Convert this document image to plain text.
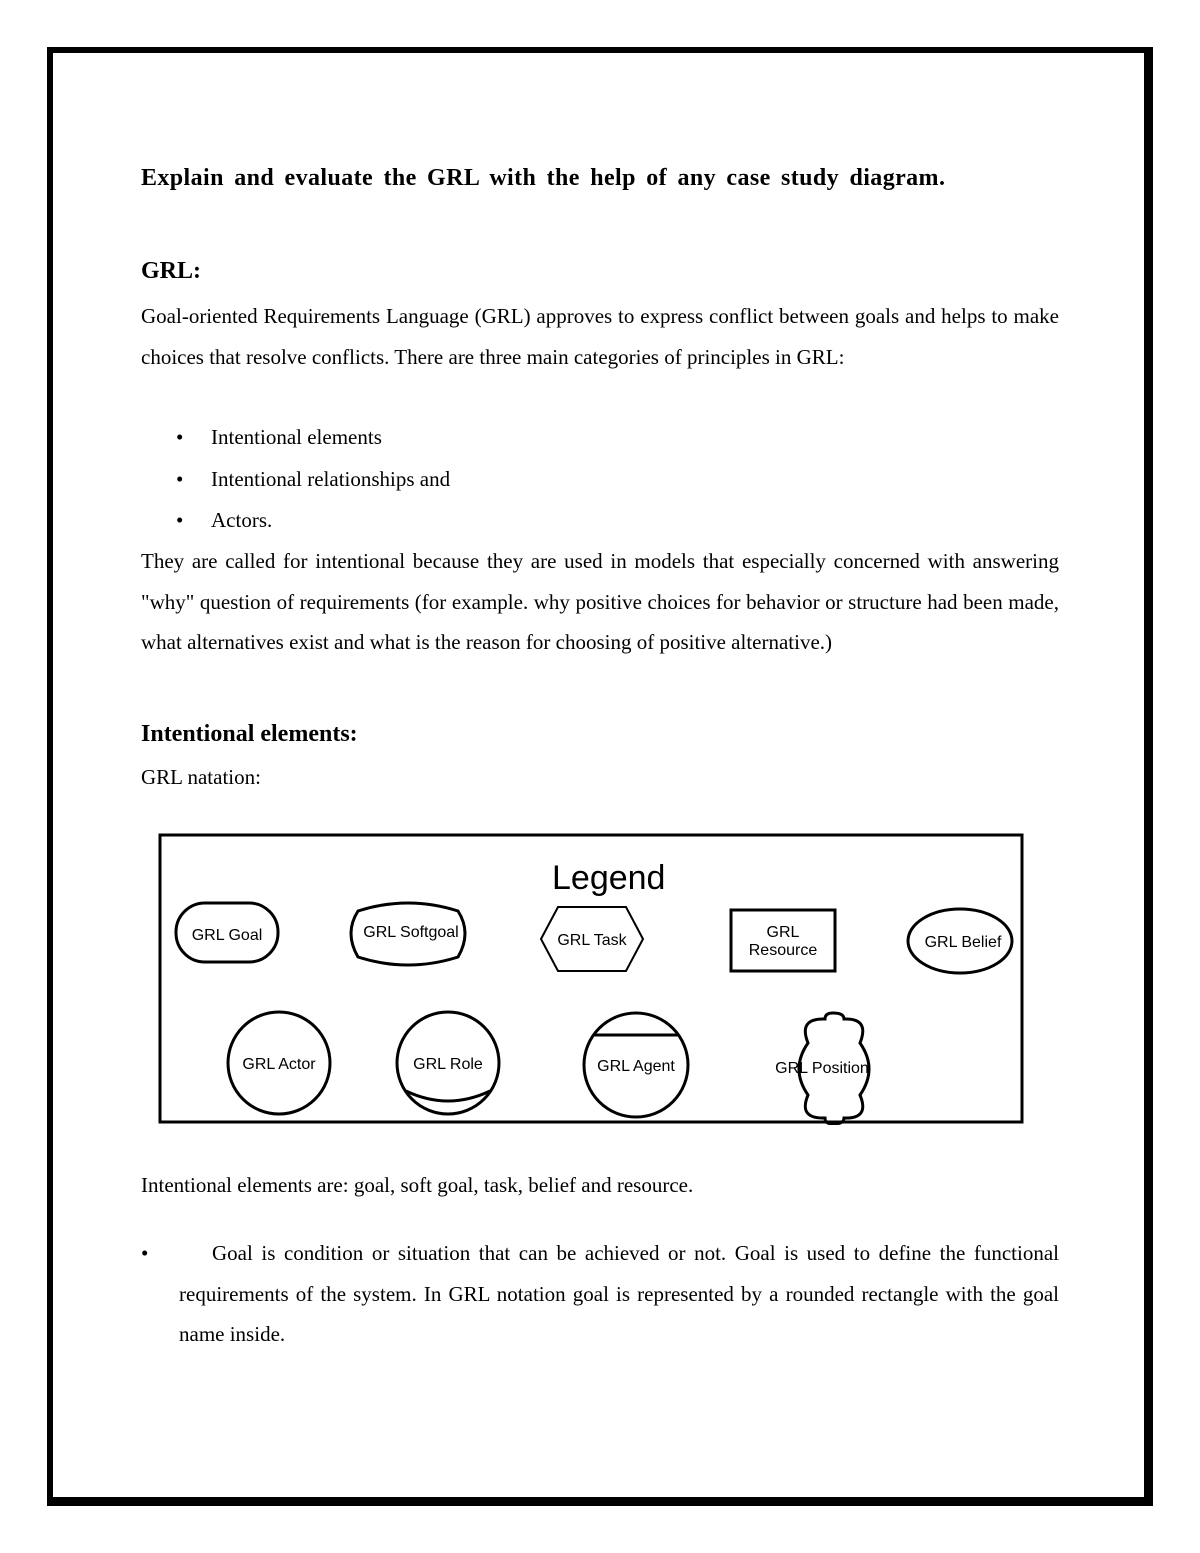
Explain and evaluate the GRL with the help of any case study diagram.
GRL:
Goal-oriented Requirements Language (GRL) approves to express conflict between goals and helps to make choices that resolve conflicts. There are three main categories of principles in GRL:
• Intentional elements
• Intentional relationships and
• Actors.
They are called for intentional because they are used in models that especially concerned with answering "why" question of requirements (for example. why positive choices for behavior or structure had been made, what alternatives exist and what is the reason for choosing of positive alternative.)
Intentional elements:
GRL natation:
Legend
GRL Goal	GRL Softgoal	GRL Task	GRL
Resource	GRL Belief
GRL Actor	GRL Role	GRL Agent	GRL Position
Intentional elements are: goal, soft goal, task, belief and resource.
•	Goal is condition or situation that can be achieved or not. Goal is used to define the functional requirements of the system. In GRL notation goal is represented by a rounded rectangle with the goal name inside.
